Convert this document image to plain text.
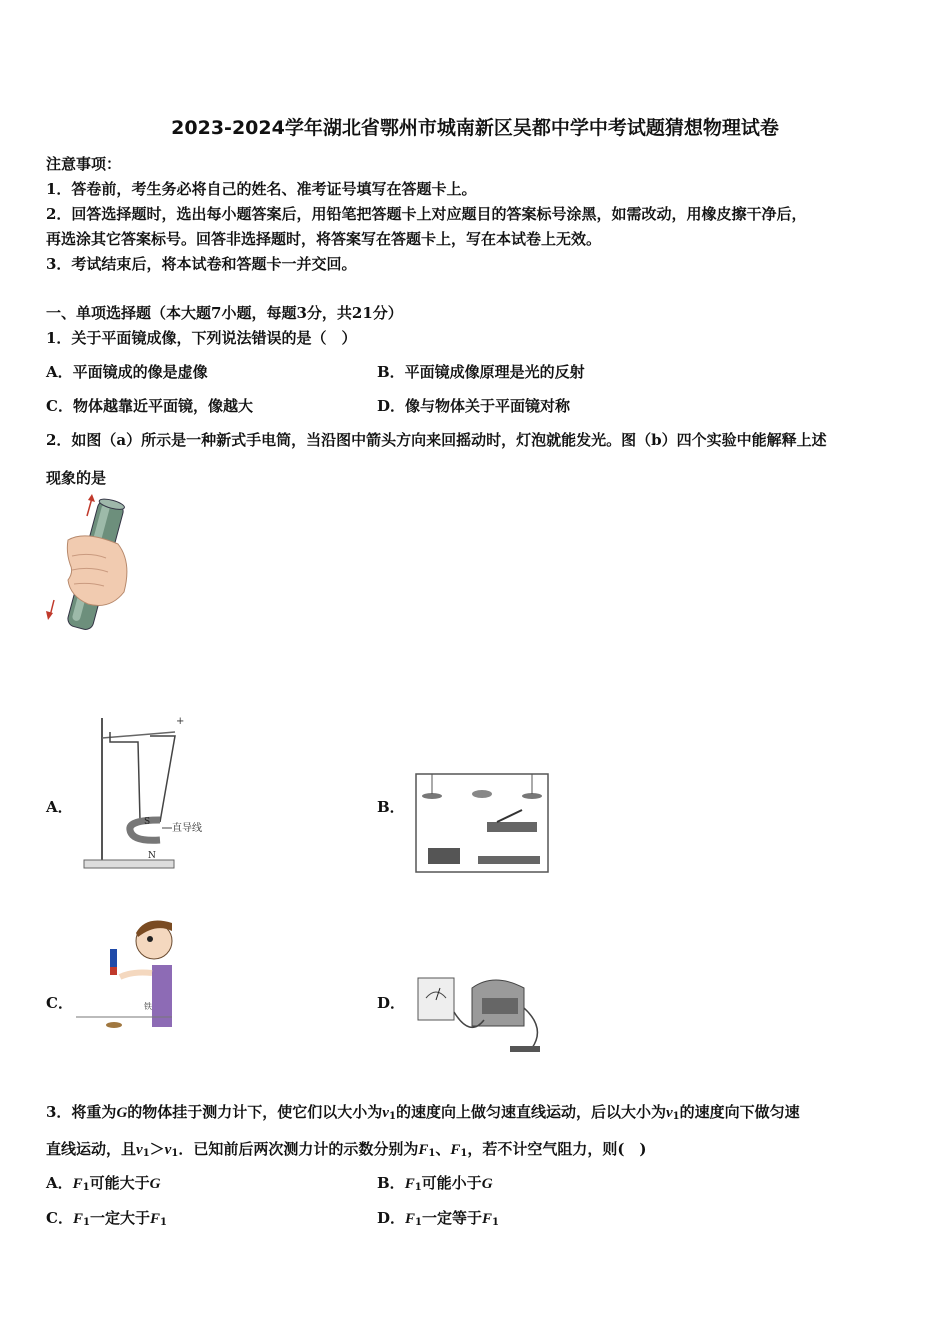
2023-2024学年湖北省鄂州市城南新区吴都中学中考试题猜想物理试卷
注意事项：
1．答卷前，考生务必将自己的姓名、准考证号填写在答题卡上。
2．回答选择题时，选出每小题答案后，用铅笔把答题卡上对应题目的答案标号涂黑，如需改动，用橡皮擦干净后，
再选涂其它答案标号。回答非选择题时，将答案写在答题卡上，写在本试卷上无效。
3．考试结束后，将本试卷和答题卡一并交回。
一、单项选择题（本大题7小题，每题3分，共21分）
1．关于平面镜成像，下列说法错误的是（　）
A．平面镜成的像是虚像	B．平面镜成像原理是光的反射
C．物体越靠近平面镜，像越大	D．像与物体关于平面镜对称
2．如图（a）所示是一种新式手电筒，当沿图中箭头方向来回摇动时，灯泡就能发光。图（b）四个实验中能解释上述
现象的是
A．
+
S
N
直导线
B．
C．	铁	D．
3．将重为G的物体挂于测力计下，使它们以大小为$v_1$的速度向上做匀速直线运动，后以大小为$v_1$的速度向下做匀速
直线运动，且$v_1>v_1$．已知前后两次测力计的示数分别为$F_1$、$F_1$，若不计空气阻力，则(　)
A．$F_1$可能大于G	B．$F_1$可能小于G
C．$F_1$一定大于$F_1$	D．$F_1$一定等于$F_1$
